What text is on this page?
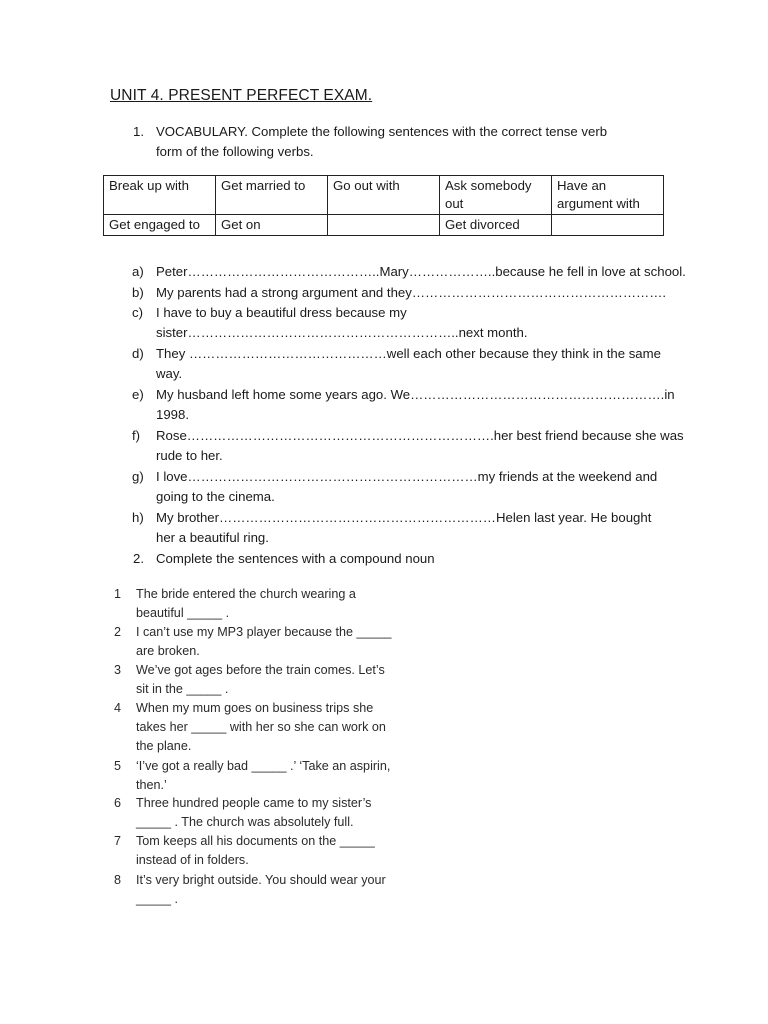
UNIT 4. PRESENT PERFECT EXAM.
1. VOCABULARY. Complete the following sentences with the correct tense verb
form of the following verbs.
Break up with	Get married to	Go out with	Ask somebody out	Have an argument with
Get engaged to	Get on		Get divorced	
a) Peter……………………………………..Mary………………..because he fell in love at school.
b) My parents had a strong argument and they………………………………………………….
c) I have to buy a beautiful dress because my
sister……………………………………………………..next month.
d) They ………………………………………well each other because they think in the same
way.
e) My husband left home some years ago. We………………………………………………….in
1998.
f) Rose…………………………………………………………….her best friend because she was
rude to her.
g) I love…………………………………………………………my friends at the weekend and
going to the cinema.
h) My brother………………………………………………………Helen last year. He bought
her a beautiful ring.
2. Complete the sentences with a compound noun
1 The bride entered the church wearing a
beautiful _____ .
2 I can’t use my MP3 player because the _____
are broken.
3 We’ve got ages before the train comes. Let’s
sit in the _____ .
4 When my mum goes on business trips she
takes her _____ with her so she can work on
the plane.
5 ‘I’ve got a really bad _____ .’ ‘Take an aspirin,
then.’
6 Three hundred people came to my sister’s
_____ . The church was absolutely full.
7 Tom keeps all his documents on the _____
instead of in folders.
8 It’s very bright outside. You should wear your
_____ .
